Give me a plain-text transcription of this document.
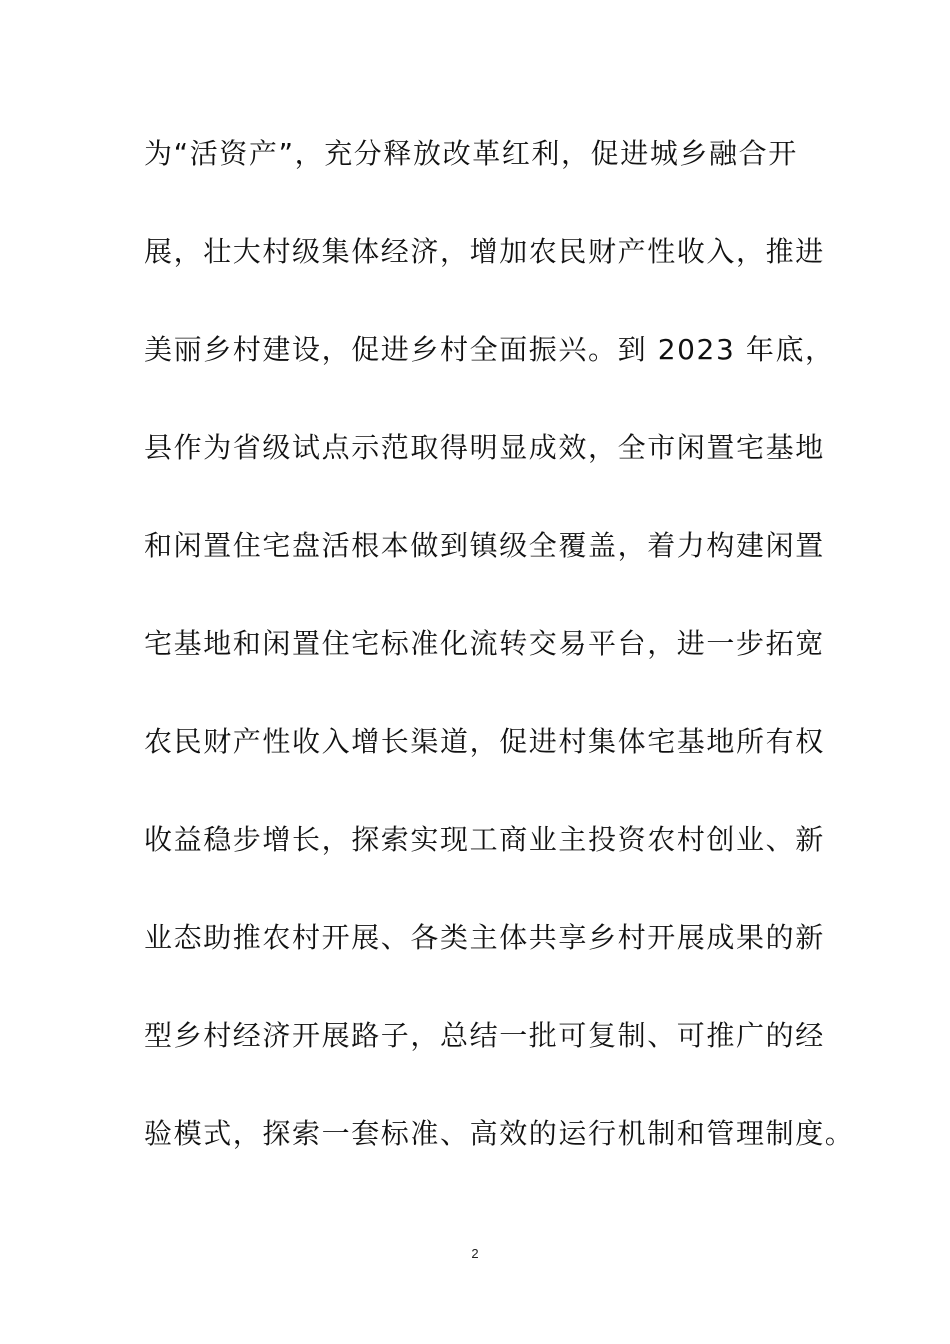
为“活资产”，充分释放改革红利，促进城乡融合开
展，壮大村级集体经济，增加农民财产性收入，推进
美丽乡村建设，促进乡村全面振兴。到 2023 年底，
县作为省级试点示范取得明显成效，全市闲置宅基地
和闲置住宅盘活根本做到镇级全覆盖，着力构建闲置
宅基地和闲置住宅标准化流转交易平台，进一步拓宽
农民财产性收入增长渠道，促进村集体宅基地所有权
收益稳步增长，探索实现工商业主投资农村创业、新
业态助推农村开展、各类主体共享乡村开展成果的新
型乡村经济开展路子，总结一批可复制、可推广的经
验模式，探索一套标准、高效的运行机制和管理制度。
2
